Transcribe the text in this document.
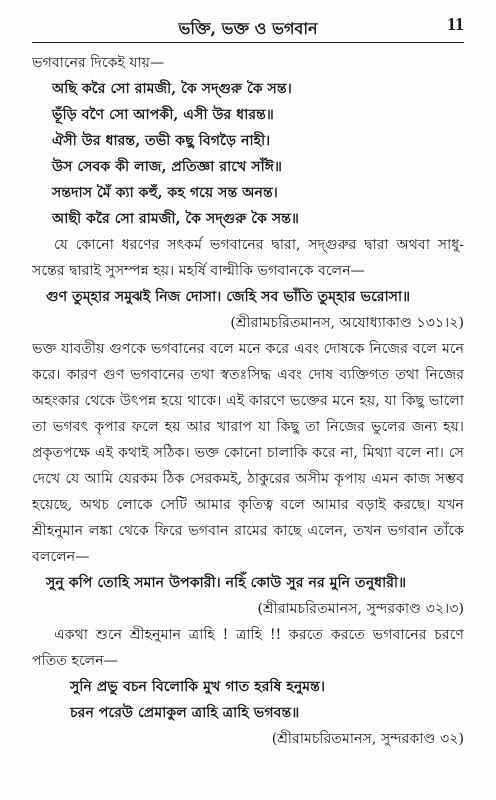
ভক্তি, ভক্ত ও ভগবান	11

ভগবানের দিকেই যায়—

অছি করৈ সো রামজী, কৈ সদ্গুরু কৈ সন্ত।
ভূঁড়ি বণৈ সো আপকী, এসী উর ধারন্ত॥
ঐসী উর ধারন্ত, তভী কছু বিগড়ৈ নাহী।
উস সেবক কী লাজ, প্রতিজ্ঞা রাখে সাঁঈ॥
সন্তদাস মৈঁ ক্যা কহুঁ, কহ গয়ে সন্ত অনন্ত।
আছী করৈ সো রামজী, কৈ সদ্গুরু কৈ সন্ত॥

যে কোনো ধরণের সৎকর্ম ভগবানের দ্বারা, সদ্গুরুর দ্বারা অথবা সাধু-সন্তের দ্বারাই সুসম্পন্ন হয়। মহর্ষি বাল্মীকি ভগবানকে বলেন—

গুণ তুম্হার সমুঝই নিজ দোসা। জেহি সব ভাঁতি তুম্হার ভরোসা॥
(শ্রীরামচরিতমানস, অযোধ্যাকাণ্ড ১৩১।২)

ভক্ত যাবতীয় গুণকে ভগবানের বলে মনে করে এবং দোষকে নিজের বলে মনে করে। কারণ গুণ ভগবানের তথা স্বতঃসিদ্ধ এবং দোষ ব্যক্তিগত তথা নিজের অহংকার থেকে উৎপন্ন হয়ে থাকে। এই কারণে ভক্তের মনে হয়, যা কিছু ভালো তা ভগবৎ কৃপার ফলে হয় আর খারাপ যা কিছু তা নিজের ভুলের জন্য হয়। প্রকৃতপক্ষে এই কথাই সঠিক। ভক্ত কোনো চালাকি করে না, মিথ্যা বলে না। সে দেখে যে আমি যেরকম ঠিক সেরকমই, ঠাকুরের অসীম কৃপায় এমন কাজ সম্ভব হয়েছে, অথচ লোকে সেটি আমার কৃতিত্ব বলে আমার বড়াই করছে। যখন শ্রীহনুমান লঙ্কা থেকে ফিরে ভগবান রামের কাছে এলেন, তখন ভগবান তাঁকে বললেন—

সুনু কপি তোহি সমান উপকারী। নহিঁ কোউ সুর নর মুনি তনুধারী॥
(শ্রীরামচরিতমানস, সুন্দরকাণ্ড ৩২।৩)

একথা শুনে শ্রীহনুমান ত্রাহি ! ত্রাহি !! করতে করতে ভগবানের চরণে পতিত হলেন—

সুনি প্রভু বচন বিলোকি মুখ গাত হরষি হনুমন্ত।
চরন পরেউ প্রেমাকুল ত্রাহি ত্রাহি ভগবন্ত॥
(শ্রীরামচরিতমানস, সুন্দরকাণ্ড ৩২)
